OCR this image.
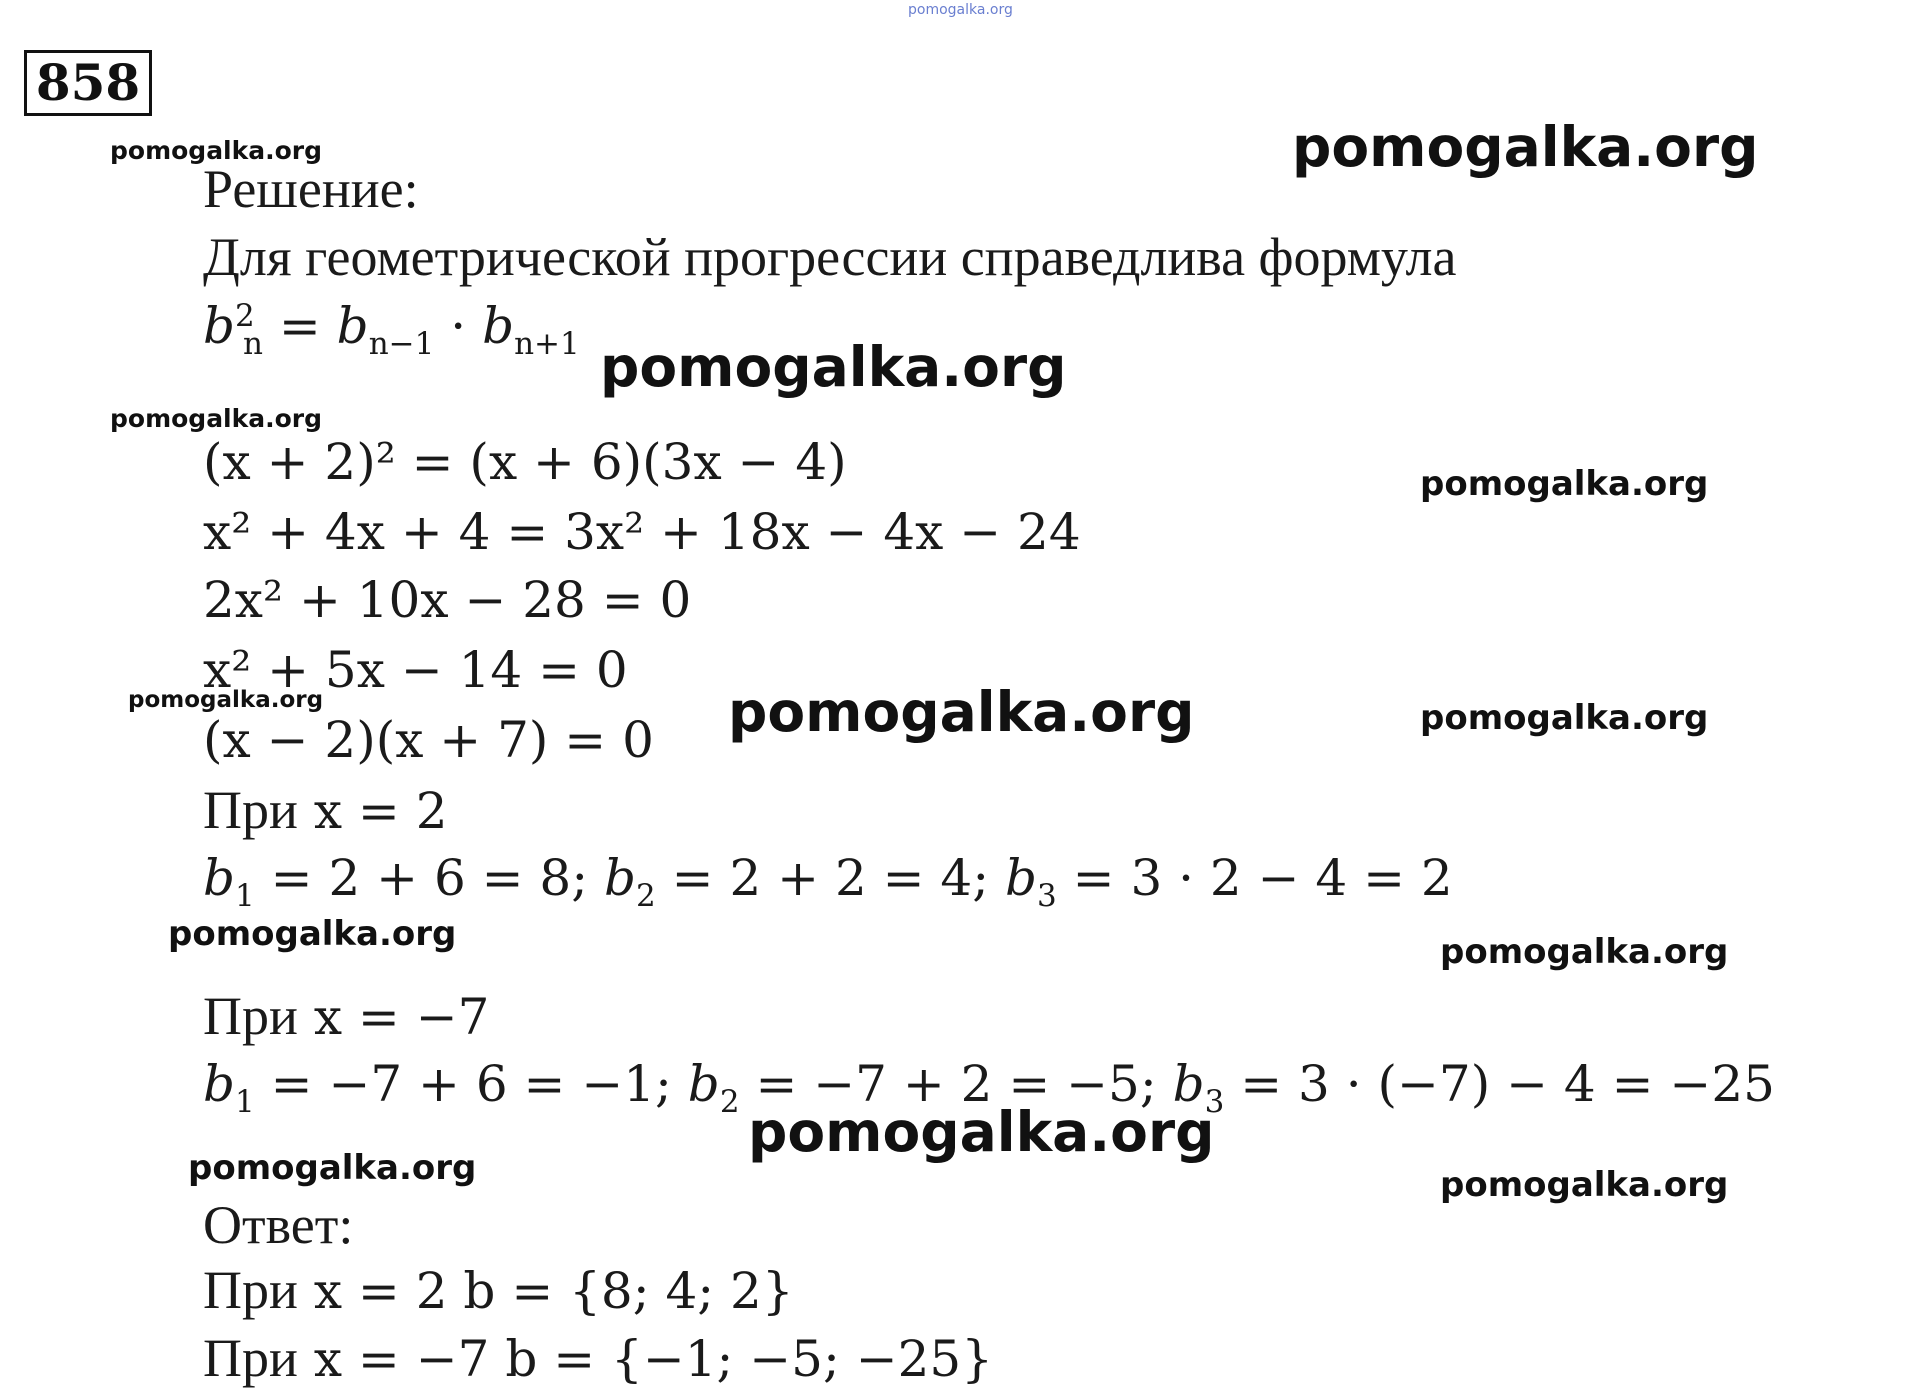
pomogalka.org
858
pomogalka.org	pomogalka.org
pomogalka.org
pomogalka.org
pomogalka.org
pomogalka.org	pomogalka.org	pomogalka.org
pomogalka.org	pomogalka.org
pomogalka.org
pomogalka.org	pomogalka.org
Решение:
Для геометрической прогрессии справедлива формула
$b^2_n = b_{n-1} \cdot b_{n+1}$
(x + 2)² = (x + 6)(3x − 4)
x² + 4x + 4 = 3x² + 18x − 4x − 24
2x² + 10x − 28 = 0
x² + 5x − 14 = 0
(x − 2)(x + 7) = 0
При x = 2
$b_1 = 2 + 6 = 8$; $b_2 = 2 + 2 = 4$; $b_3 = 3 \cdot 2 - 4 = 2$
При x = −7
$b_1 = -7 + 6 = -1$; $b_2 = -7 + 2 = -5$; $b_3 = 3 \cdot (-7) - 4 = -25$
Ответ:
При x = 2 b = {8; 4; 2}
При x = −7 b = {−1; −5; −25}
